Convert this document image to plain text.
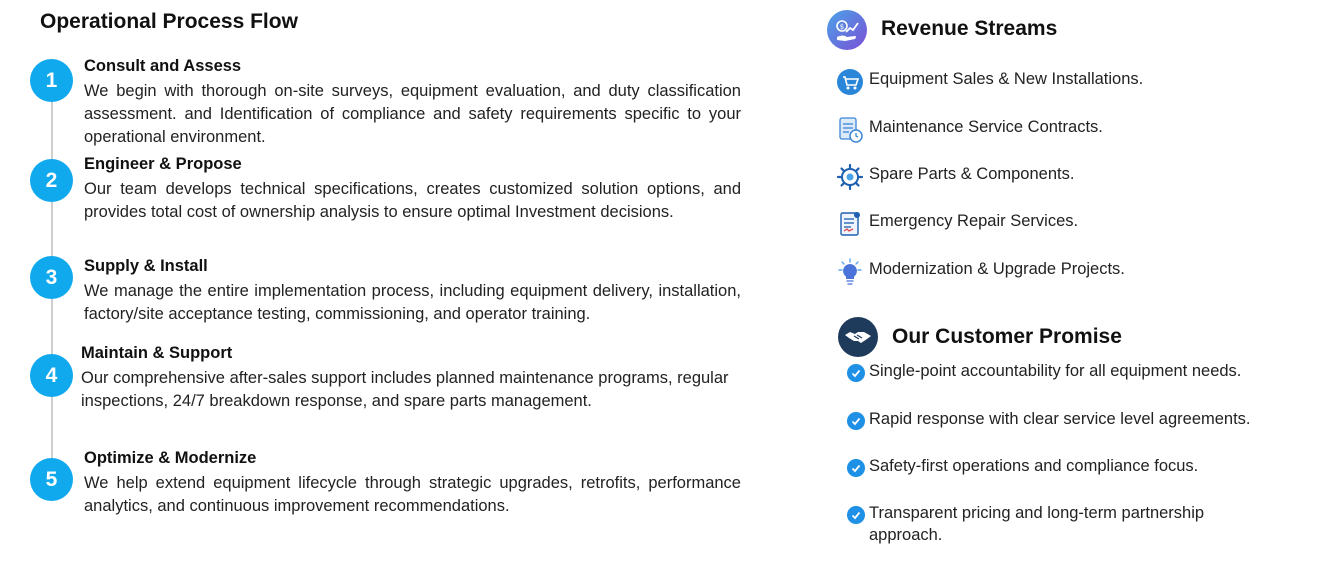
Operational Process Flow
1
Consult and Assess
We begin with thorough on-site surveys, equipment evaluation, and duty classification assessment. and Identification of compliance and safety requirements specific to your operational environment.
2
Engineer & Propose
Our team develops technical specifications, creates customized solution options, and provides total cost of ownership analysis to ensure optimal Investment decisions.
3	Supply & Install
We manage the entire implementation process, including equipment delivery, installation, factory/site acceptance testing, commissioning, and operator training.
4
Maintain & Support
Our comprehensive after-sales support includes planned maintenance programs, regular inspections, 24/7 breakdown response, and spare parts management.
5
Optimize & Modernize
We help extend equipment lifecycle through strategic upgrades, retrofits, performance analytics, and continuous improvement recommendations.
$ Revenue Streams
Equipment Sales & New Installations.
Maintenance Service Contracts.
Spare Parts & Components.
Emergency Repair Services.
Modernization & Upgrade Projects.
Our Customer Promise
Single-point accountability for all equipment needs.
Rapid response with clear service level agreements.
Safety-first operations and compliance focus.
Transparent pricing and long-term partnership approach.
